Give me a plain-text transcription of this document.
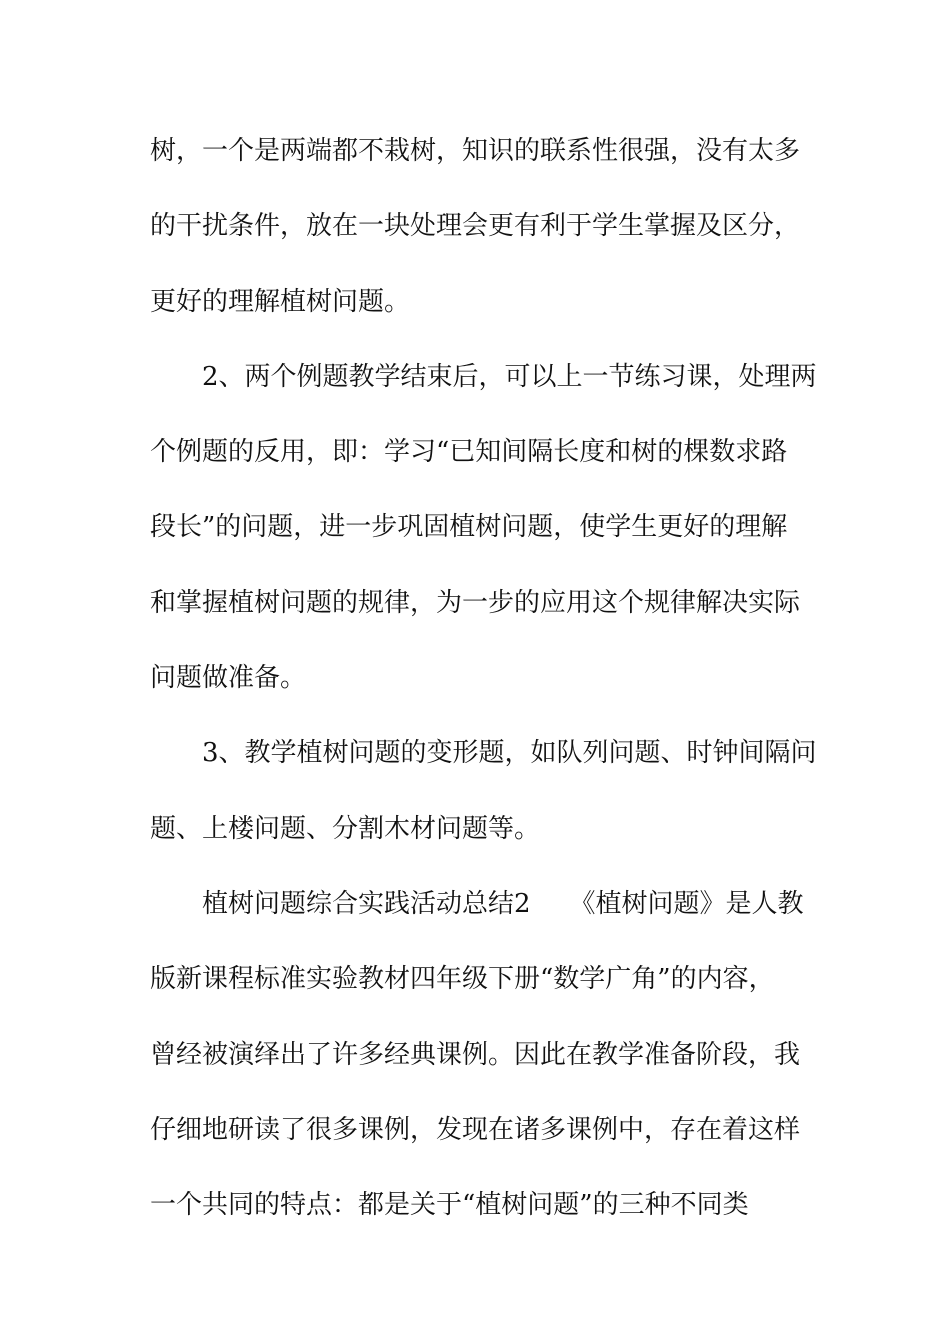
树，一个是两端都不栽树，知识的联系性很强，没有太多
的干扰条件，放在一块处理会更有利于学生掌握及区分，
更好的理解植树问题。
2、两个例题教学结束后，可以上一节练习课，处理两
个例题的反用，即：学习“已知间隔长度和树的棵数求路
段长”的问题，进一步巩固植树问题，使学生更好的理解
和掌握植树问题的规律，为一步的应用这个规律解决实际
问题做准备。
3、教学植树问题的变形题，如队列问题、时钟间隔问
题、上楼问题、分割木材问题等。
植树问题综合实践活动总结2　　《植树问题》是人教
版新课程标准实验教材四年级下册“数学广角”的内容，
曾经被演绎出了许多经典课例。因此在教学准备阶段，我
仔细地研读了很多课例，发现在诸多课例中，存在着这样
一个共同的特点：都是关于“植树问题”的三种不同类
